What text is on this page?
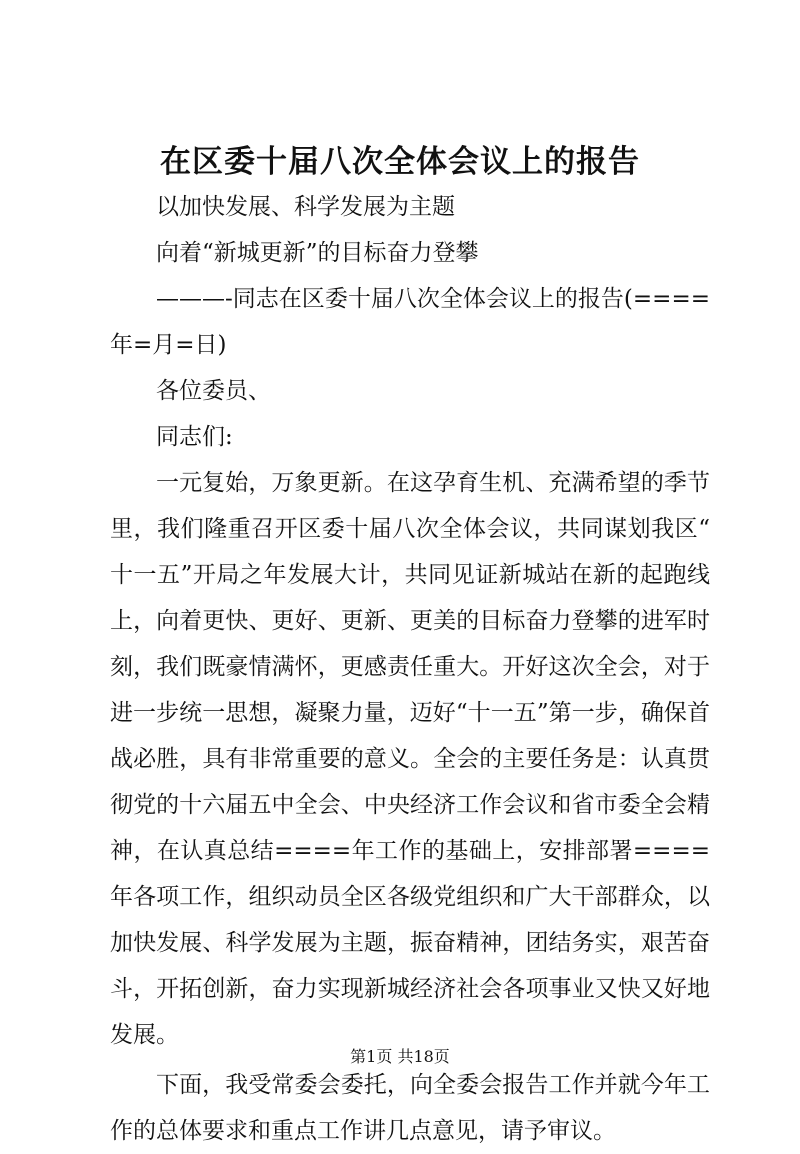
在区委十届八次全体会议上的报告

以加快发展、科学发展为主题

向着“新城更新”的目标奋力登攀

———-同志在区委十届八次全体会议上的报告(====年=月=日)

各位委员、

同志们:

一元复始，万象更新。在这孕育生机、充满希望的季节里，我们隆重召开区委十届八次全体会议，共同谋划我区“十一五”开局之年发展大计，共同见证新城站在新的起跑线上，向着更快、更好、更新、更美的目标奋力登攀的进军时刻，我们既豪情满怀，更感责任重大。开好这次全会，对于进一步统一思想，凝聚力量，迈好“十一五”第一步，确保首战必胜，具有非常重要的意义。全会的主要任务是：认真贯彻党的十六届五中全会、中央经济工作会议和省市委全会精神，在认真总结====年工作的基础上，安排部署====年各项工作，组织动员全区各级党组织和广大干部群众，以加快发展、科学发展为主题，振奋精神，团结务实，艰苦奋斗，开拓创新，奋力实现新城经济社会各项事业又快又好地发展。

下面，我受常委会委托，向全委会报告工作并就今年工作的总体要求和重点工作讲几点意见，请予审议。

第1页 共18页
